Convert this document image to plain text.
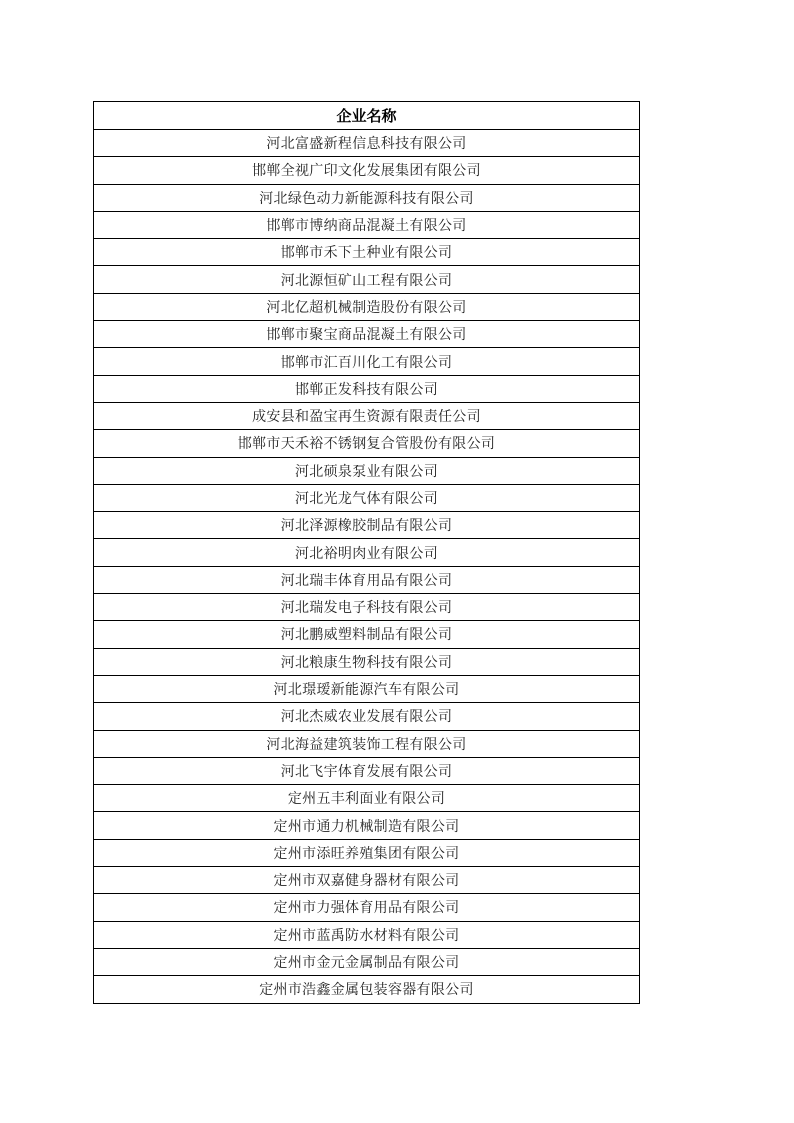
企业名称
河北富盛新程信息科技有限公司
邯郸全视广印文化发展集团有限公司
河北绿色动力新能源科技有限公司
邯郸市博纳商品混凝土有限公司
邯郸市禾下土种业有限公司
河北源恒矿山工程有限公司
河北亿超机械制造股份有限公司
邯郸市聚宝商品混凝土有限公司
邯郸市汇百川化工有限公司
邯郸正发科技有限公司
成安县和盈宝再生资源有限责任公司
邯郸市天禾裕不锈钢复合管股份有限公司
河北硕泉泵业有限公司
河北光龙气体有限公司
河北泽源橡胶制品有限公司
河北裕明肉业有限公司
河北瑞丰体育用品有限公司
河北瑞发电子科技有限公司
河北鹏威塑料制品有限公司
河北粮康生物科技有限公司
河北璟瑷新能源汽车有限公司
河北杰威农业发展有限公司
河北海益建筑装饰工程有限公司
河北飞宇体育发展有限公司
定州五丰利面业有限公司
定州市通力机械制造有限公司
定州市添旺养殖集团有限公司
定州市双嘉健身器材有限公司
定州市力强体育用品有限公司
定州市蓝禹防水材料有限公司
定州市金元金属制品有限公司
定州市浩鑫金属包装容器有限公司
